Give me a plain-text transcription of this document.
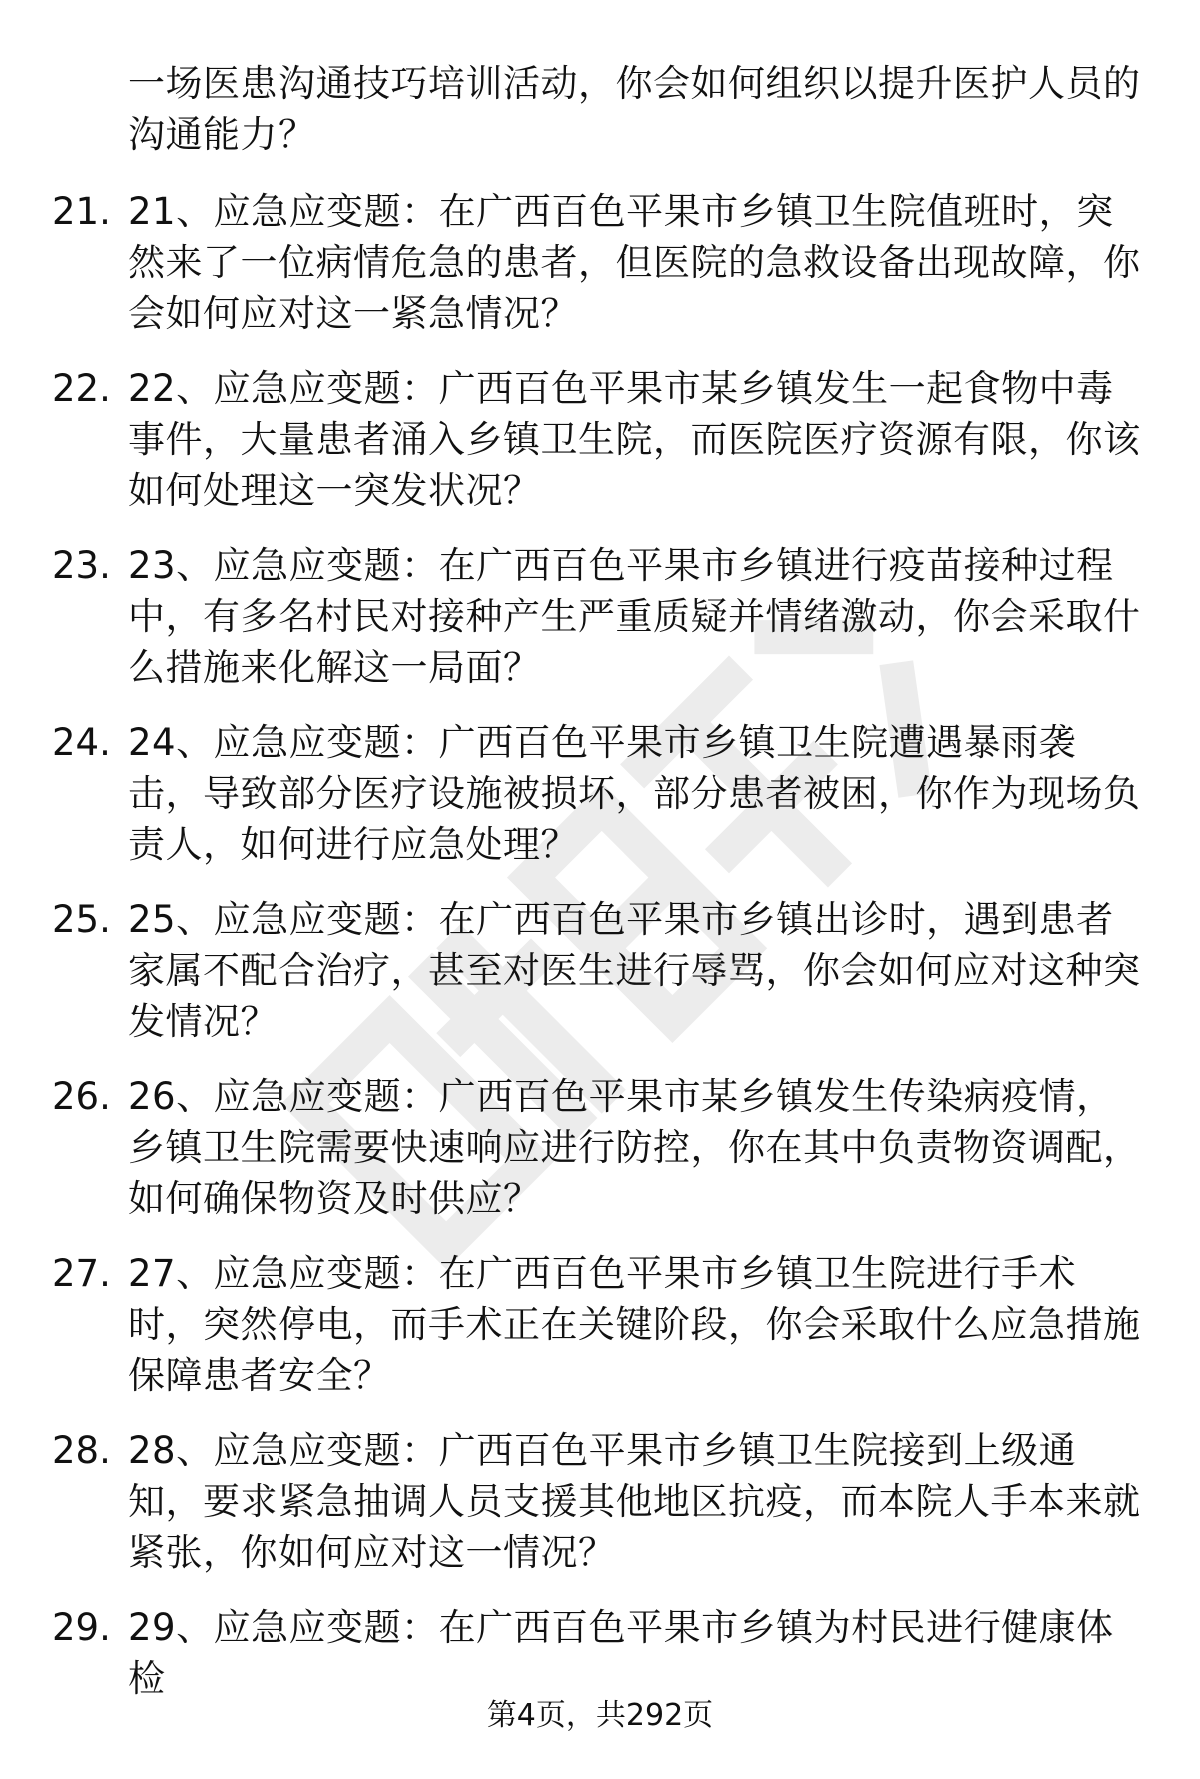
一场医患沟通技巧培训活动，你会如何组织以提升医护人员的沟通能力？
21. 21、应急应变题：在广西百色平果市乡镇卫生院值班时，突然来了一位病情危急的患者，但医院的急救设备出现故障，你会如何应对这一紧急情况？
22. 22、应急应变题：广西百色平果市某乡镇发生一起食物中毒事件，大量患者涌入乡镇卫生院，而医院医疗资源有限，你该如何处理这一突发状况？
23. 23、应急应变题：在广西百色平果市乡镇进行疫苗接种过程中，有多名村民对接种产生严重质疑并情绪激动，你会采取什么措施来化解这一局面？
24. 24、应急应变题：广西百色平果市乡镇卫生院遭遇暴雨袭击，导致部分医疗设施被损坏，部分患者被困，你作为现场负责人，如何进行应急处理？
25. 25、应急应变题：在广西百色平果市乡镇出诊时，遇到患者家属不配合治疗，甚至对医生进行辱骂，你会如何应对这种突发情况？
26. 26、应急应变题：广西百色平果市某乡镇发生传染病疫情，乡镇卫生院需要快速响应进行防控，你在其中负责物资调配，如何确保物资及时供应？
27. 27、应急应变题：在广西百色平果市乡镇卫生院进行手术时，突然停电，而手术正在关键阶段，你会采取什么应急措施保障患者安全？
28. 28、应急应变题：广西百色平果市乡镇卫生院接到上级通知，要求紧急抽调人员支援其他地区抗疫，而本院人手本来就紧张，你如何应对这一情况？
29. 29、应急应变题：在广西百色平果市乡镇为村民进行健康体检
第4页，共292页
